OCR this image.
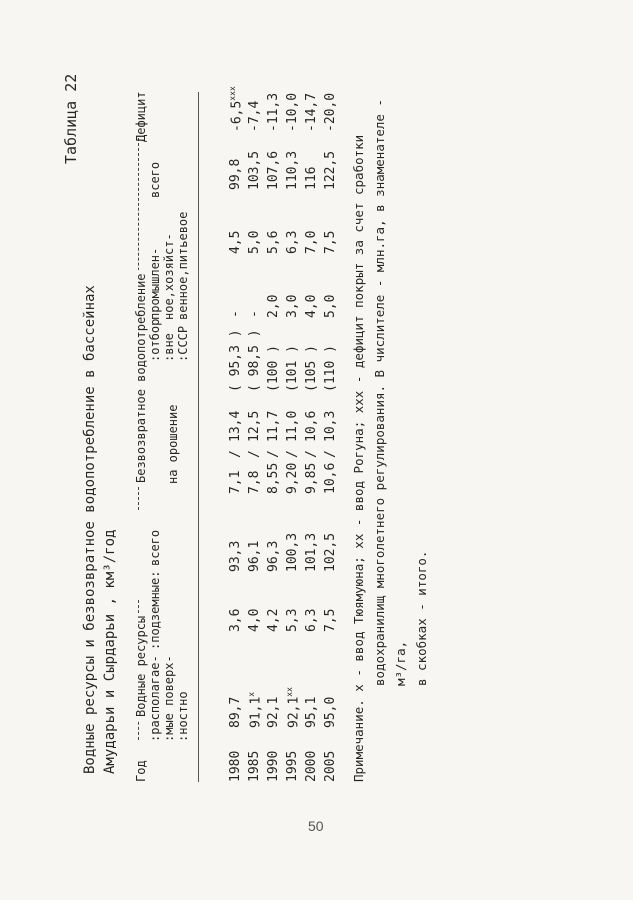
Таблица 22
Водные ресурсы и безвозвратное водопотребление в бассейнах Амударьи и Сырдарьи , км³/год Год
Водные ресурсы :располагае- :мые поверх- :ностно
:подземные:
всего
Безвозвратное водопотребление на орошение
:отбор :вне :СССР
промышлен- ное,хозяйст- венное,питьевое
всего
Дефицит
1980
89,7
3,6
93,3
7,1
/
13,4
( 95,3 )
-
4,5
99,8
-6,5$^{xxx}$
1985
91,1$^x$
4,0
96,1
7,8
/
12,5
( 98,5 )
-
5,0
103,5
-7,4
1990
92,1
4,2
96,3
8,55
/
11,7
(100 )
2,0
5,6
107,6
-11,3
1995
92,1$^{xx}$
5,3
100,3
9,20
/
11,0
(101 )
3,0
6,3
110,3
-10,0
2000
95,1
6,3
101,3
9,85
/
10,6
(105 )
4,0
7,0
116
-14,7
2005
95,0
7,5
102,5
10,6
/
10,3
(110 )
5,0
7,5
122,5
-20,0
Примечание. x - ввод Тюямуюна; xx - ввод Рогуна; xxx - дефицит покрыт за счет сработки водохранилищ многолетнего регулирования. В числителе - млн.га, в знаменателе - м³/га, в скобках - итого.
50
